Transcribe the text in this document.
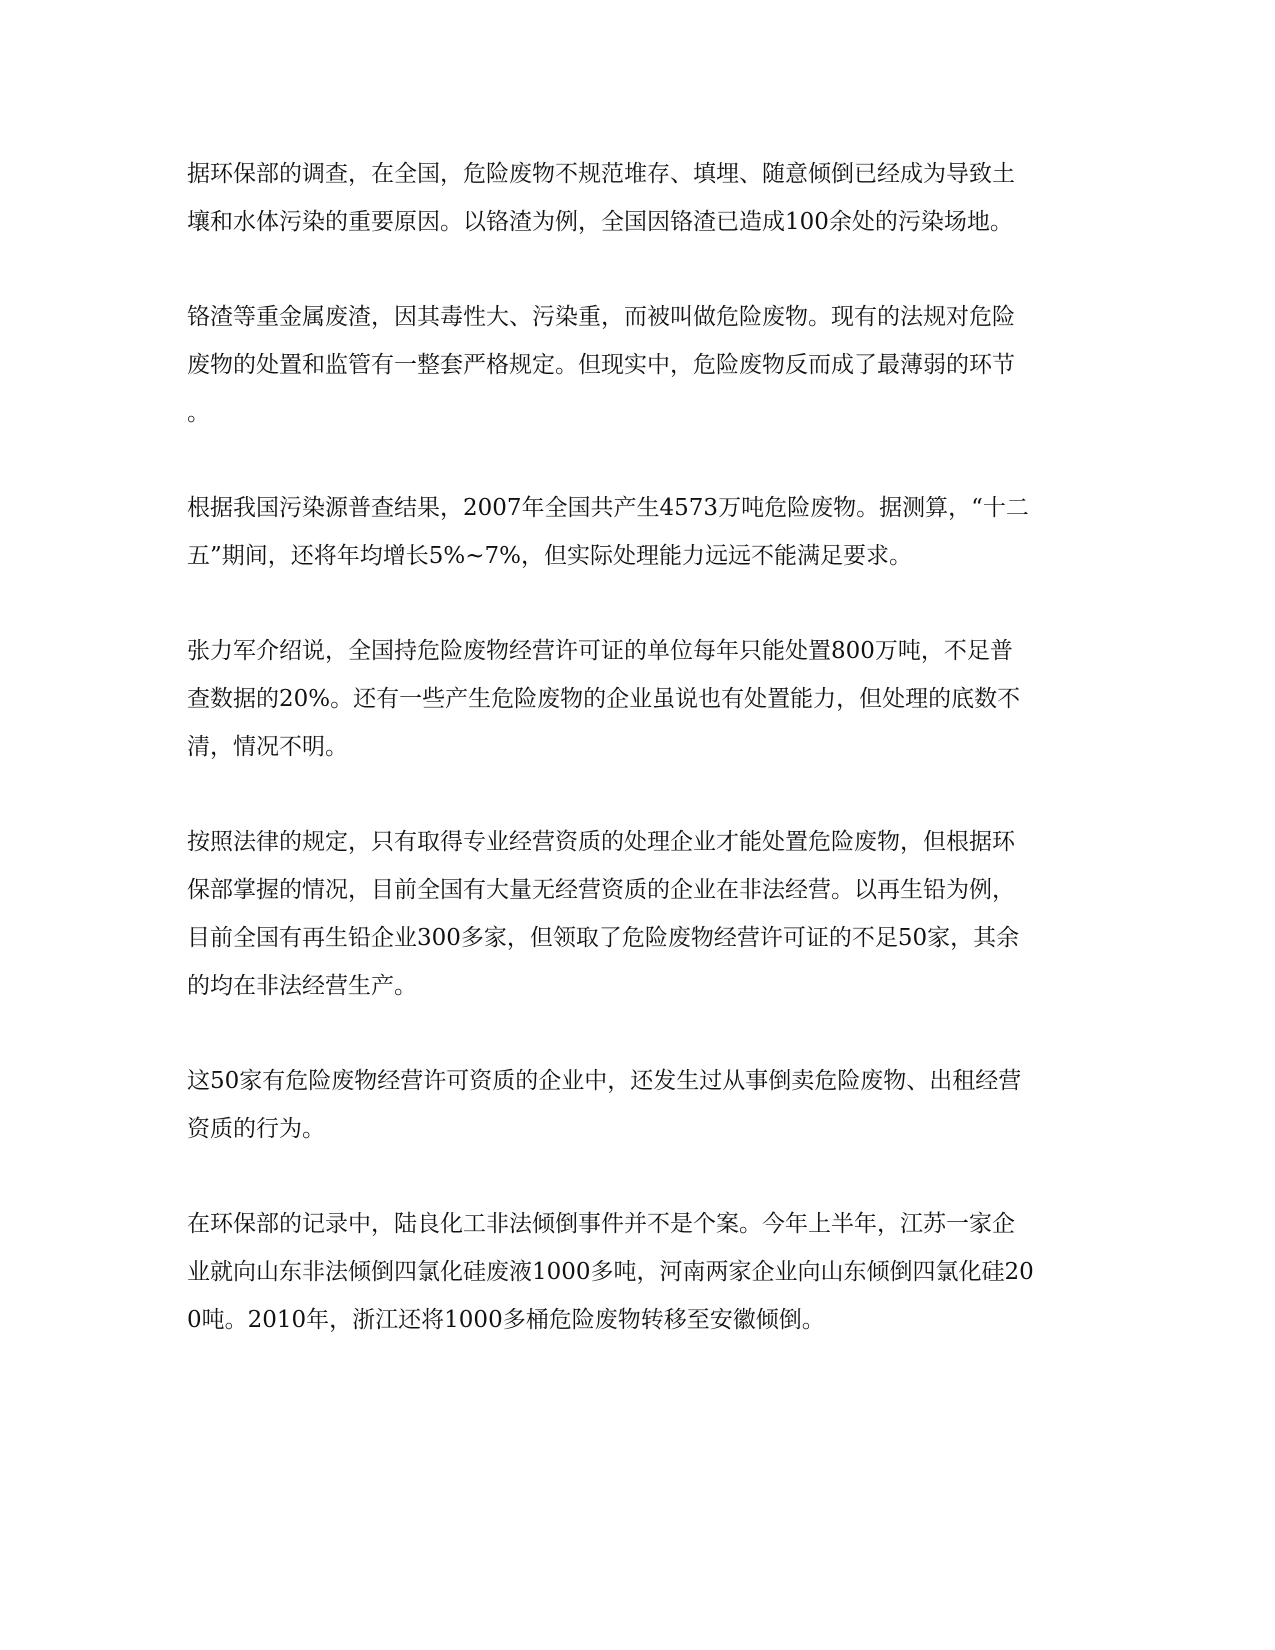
据环保部的调查，在全国，危险废物不规范堆存、填埋、随意倾倒已经成为导致土
壤和水体污染的重要原因。以铬渣为例，全国因铬渣已造成100余处的污染场地。

铬渣等重金属废渣，因其毒性大、污染重，而被叫做危险废物。现有的法规对危险
废物的处置和监管有一整套严格规定。但现实中，危险废物反而成了最薄弱的环节
。

根据我国污染源普查结果，2007年全国共产生4573万吨危险废物。据测算，“十二
五”期间，还将年均增长5%~7%，但实际处理能力远远不能满足要求。

张力军介绍说，全国持危险废物经营许可证的单位每年只能处置800万吨，不足普
查数据的20%。还有一些产生危险废物的企业虽说也有处置能力，但处理的底数不
清，情况不明。

按照法律的规定，只有取得专业经营资质的处理企业才能处置危险废物，但根据环
保部掌握的情况，目前全国有大量无经营资质的企业在非法经营。以再生铅为例，
目前全国有再生铅企业300多家，但领取了危险废物经营许可证的不足50家，其余
的均在非法经营生产。

这50家有危险废物经营许可资质的企业中，还发生过从事倒卖危险废物、出租经营
资质的行为。

在环保部的记录中，陆良化工非法倾倒事件并不是个案。今年上半年，江苏一家企
业就向山东非法倾倒四氯化硅废液1000多吨，河南两家企业向山东倾倒四氯化硅20
0吨。2010年，浙江还将1000多桶危险废物转移至安徽倾倒。
